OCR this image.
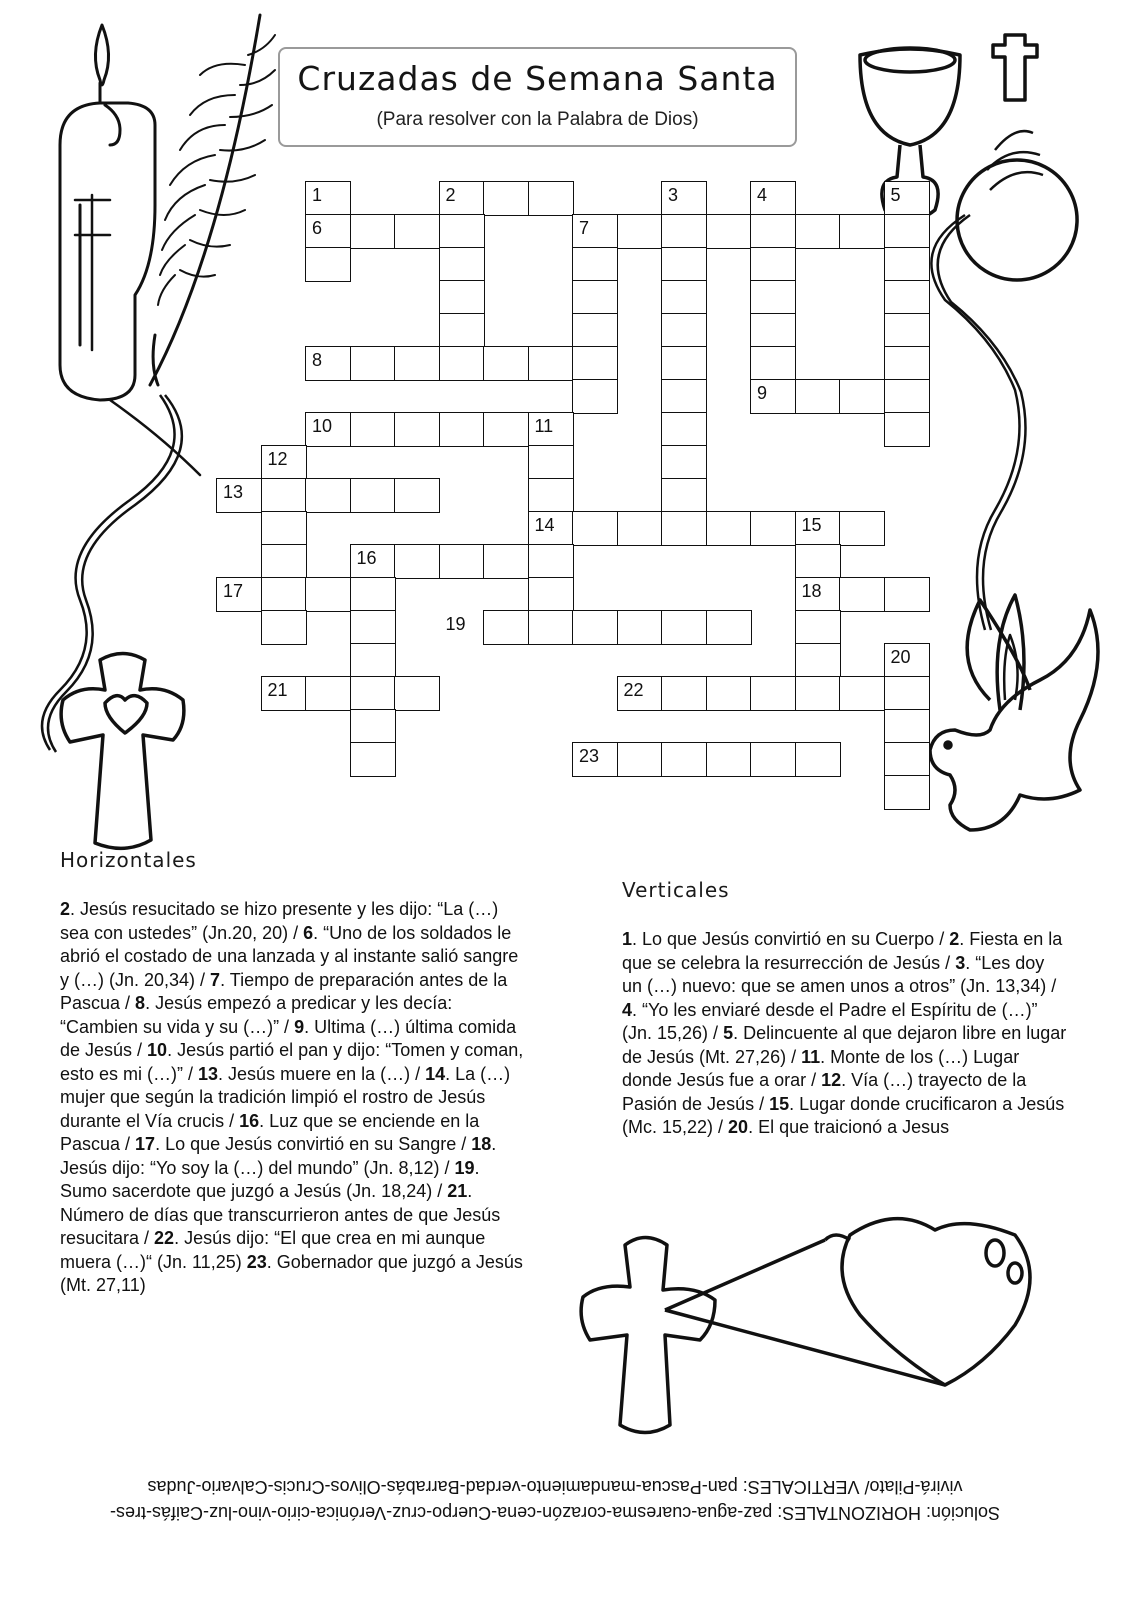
Cruzadas de Semana Santa
(Para resolver con la Palabra de Dios)
1	2	3	4	5
6	7
8
9
10	11
12
13
14	15
16
17	18
19
20
21	22
23
Horizontales

2. Jesús resucitado se hizo presente y les dijo: “La (…) sea con ustedes” (Jn.20, 20) / 6. “Uno de los soldados le abrió el costado de una lanzada y al instante salió sangre y (…) (Jn. 20,34) / 7. Tiempo de preparación antes de la Pascua / 8. Jesús empezó a predicar y les decía: “Cambien su vida y su (…)” / 9. Ultima (…) última comida de Jesús / 10. Jesús partió el pan y dijo: “Tomen y coman, esto es mi (…)” / 13. Jesús muere en la (…) / 14. La (…) mujer que según la tradición limpió el rostro de Jesús durante el Vía crucis / 16. Luz que se enciende en la Pascua / 17. Lo que Jesús convirtió en su Sangre / 18. Jesús dijo: “Yo soy la (…) del mundo” (Jn. 8,12) / 19. Sumo sacerdote que juzgó a Jesús (Jn. 18,24) / 21. Número de días que transcurrieron antes de que Jesús resucitara / 22. Jesús dijo: “El que crea en mi aunque muera (…)“ (Jn. 11,25) 23. Gobernador que juzgó a Jesús (Mt. 27,11)

Verticales

1. Lo que Jesús convirtió en su Cuerpo / 2. Fiesta en la que se celebra la resurrección de Jesús / 3. “Les doy un (…) nuevo: que se amen unos a otros” (Jn. 13,34) / 4. “Yo les enviaré desde el Padre el Espíritu de (…)” (Jn. 15,26) / 5. Delincuente al que dejaron libre en lugar de Jesús (Mt. 27,26) / 11. Monte de los (…) Lugar donde Jesús fue a orar / 12. Vía (…) trayecto de la Pasión de Jesús / 15. Lugar donde crucificaron a Jesús (Mc. 15,22) / 20. El que traicionó a Jesus

Solución: HORIZONTALES: paz-agua-cuaresma-corazón-cena-Cuerpo-cruz-Verónica-cirio-vino-luz-Caifás-tres-
vivirá-Pilato/ VERTICALES: pan-Pascua-mandamiento-verdad-Barrabás-Olivos-Crucis-Calvario-Judas
